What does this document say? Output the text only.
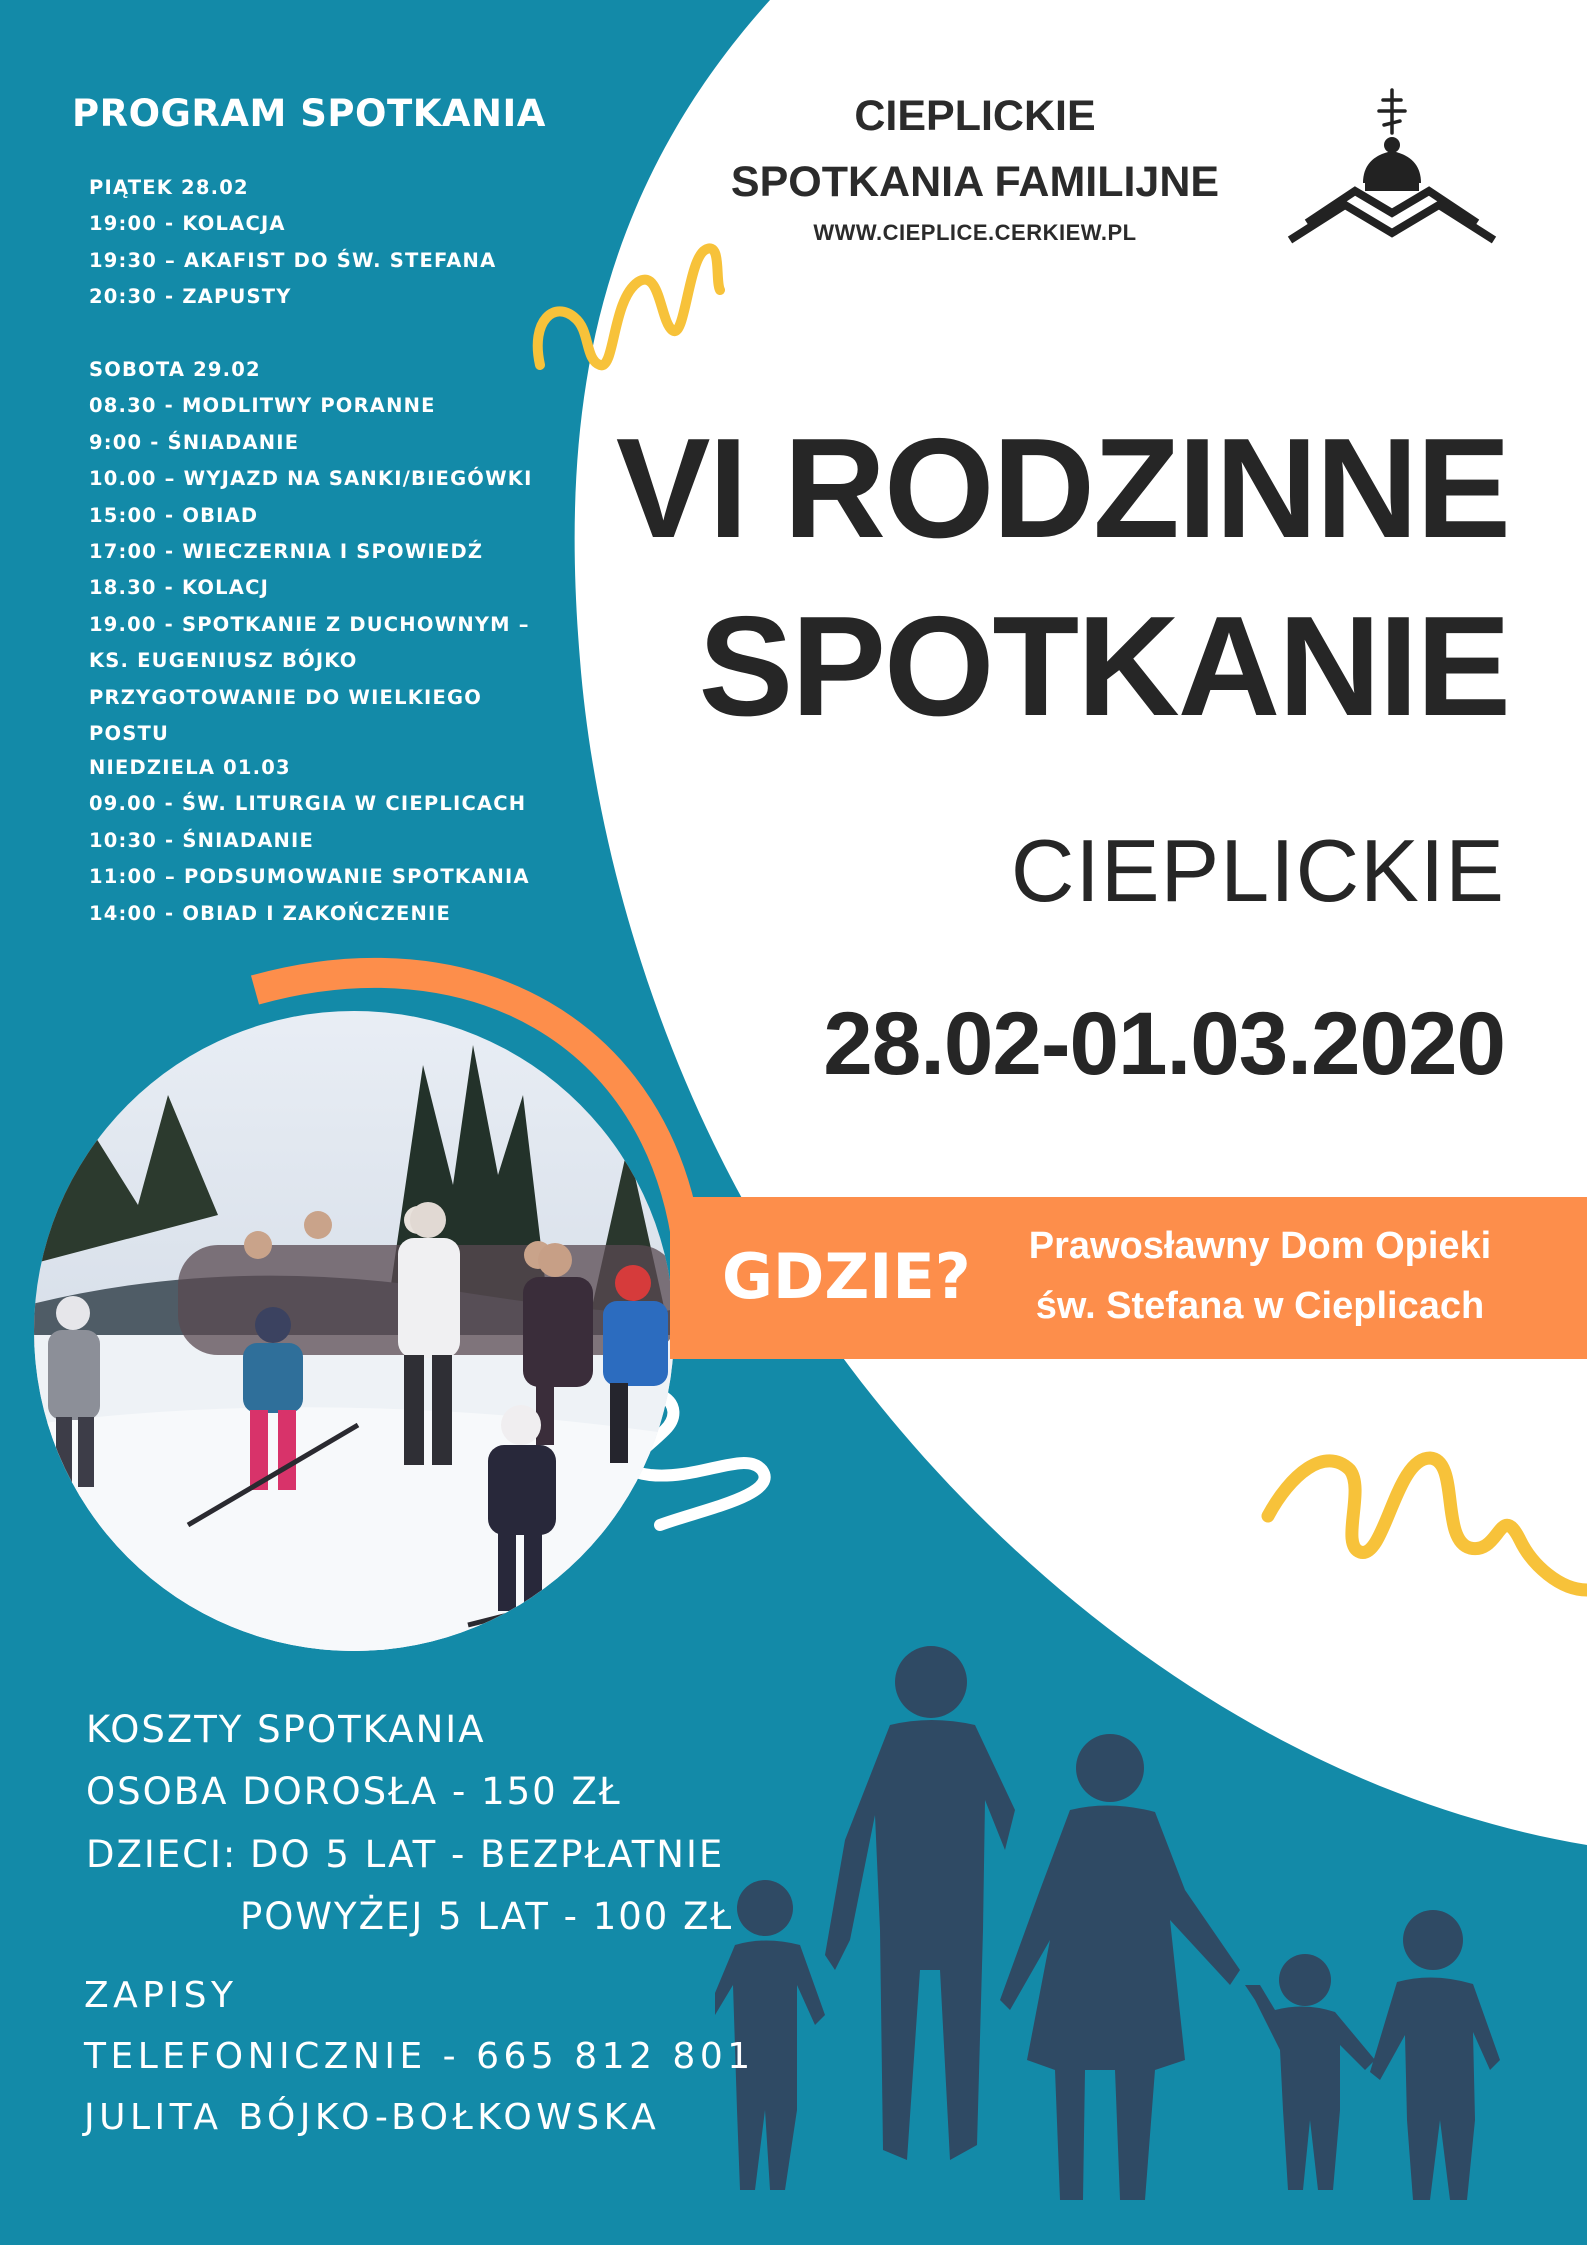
PROGRAM SPOTKANIA
PIĄTEK 28.02
19:00 - KOLACJA
19:30 – AKAFIST DO ŚW. STEFANA
20:30 - ZAPUSTY
SOBOTA 29.02
08.30 - MODLITWY PORANNE
9:00 - ŚNIADANIE
10.00 – WYJAZD NA SANKI/BIEGÓWKI
15:00 - OBIAD
17:00 - WIECZERNIA I SPOWIEDŹ
18.30 - KOLACJ
19.00 - SPOTKANIE Z DUCHOWNYM – KS. EUGENIUSZ BÓJKO PRZYGOTOWANIE DO WIELKIEGO POSTU
NIEDZIELA 01.03
09.00 - ŚW. LITURGIA W CIEPLICACH
10:30 - ŚNIADANIE
11:00 – PODSUMOWANIE SPOTKANIA
14:00 - OBIAD I ZAKOŃCZENIE
CIEPLICKIE
SPOTKANIA FAMILIJNE
WWW.CIEPLICE.CERKIEW.PL
VI RODZINNE
SPOTKANIE
CIEPLICKIE
28.02-01.03.2020
GDZIE?	Prawosławny Dom Opieki
św. Stefana w Cieplicach
KOSZTY SPOTKANIA
OSOBA DOROSŁA - 150 ZŁ
DZIECI: DO 5 LAT - BEZPŁATNIE
POWYŻEJ 5 LAT - 100 ZŁ
ZAPISY
TELEFONICZNIE - 665 812 801
JULITA BÓJKO-BOŁKOWSKA
